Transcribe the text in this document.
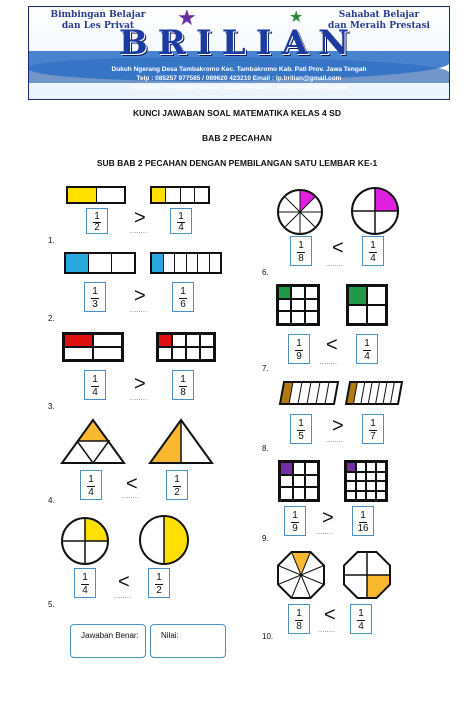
Bimbingan Belajar
dan Les Privat
Sahabat Belajar
dan Meraih Prestasi
★	★
BRILIAN
Dukuh Ngerang Desa Tambakromo Kec. Tambakromo Kab. Pati Prov. Jawa Tengah
Telp : 085257 977585 / 089620 423210 Email : lp.brilian@gmail.com
Facebook : Bimbingan Belajar Brilian Website : www.bimbelbrilian.com
KUNCI JAWABAN SOAL MATEMATIKA KELAS 4 SD
BAB 2 PECAHAN
SUB BAB 2 PECAHAN DENGAN PEMBILANGAN SATU LEMBAR KE-1
1
2
1
4
>
........
1.
1
3
1
6
>
........
2.
1
4
1
8
>
........
3.
1
4
1
2
<
........
4.
1
4
1
2
<
........
5.
Jawaban Benar:	Nilai:
1
8
1
4
<
........
6.
1
9
1
4
<
........
7.
1
5
1
7
>
........
8.
1
9
1
16
>
........
9.
1
8
1
4
<
........
10.
